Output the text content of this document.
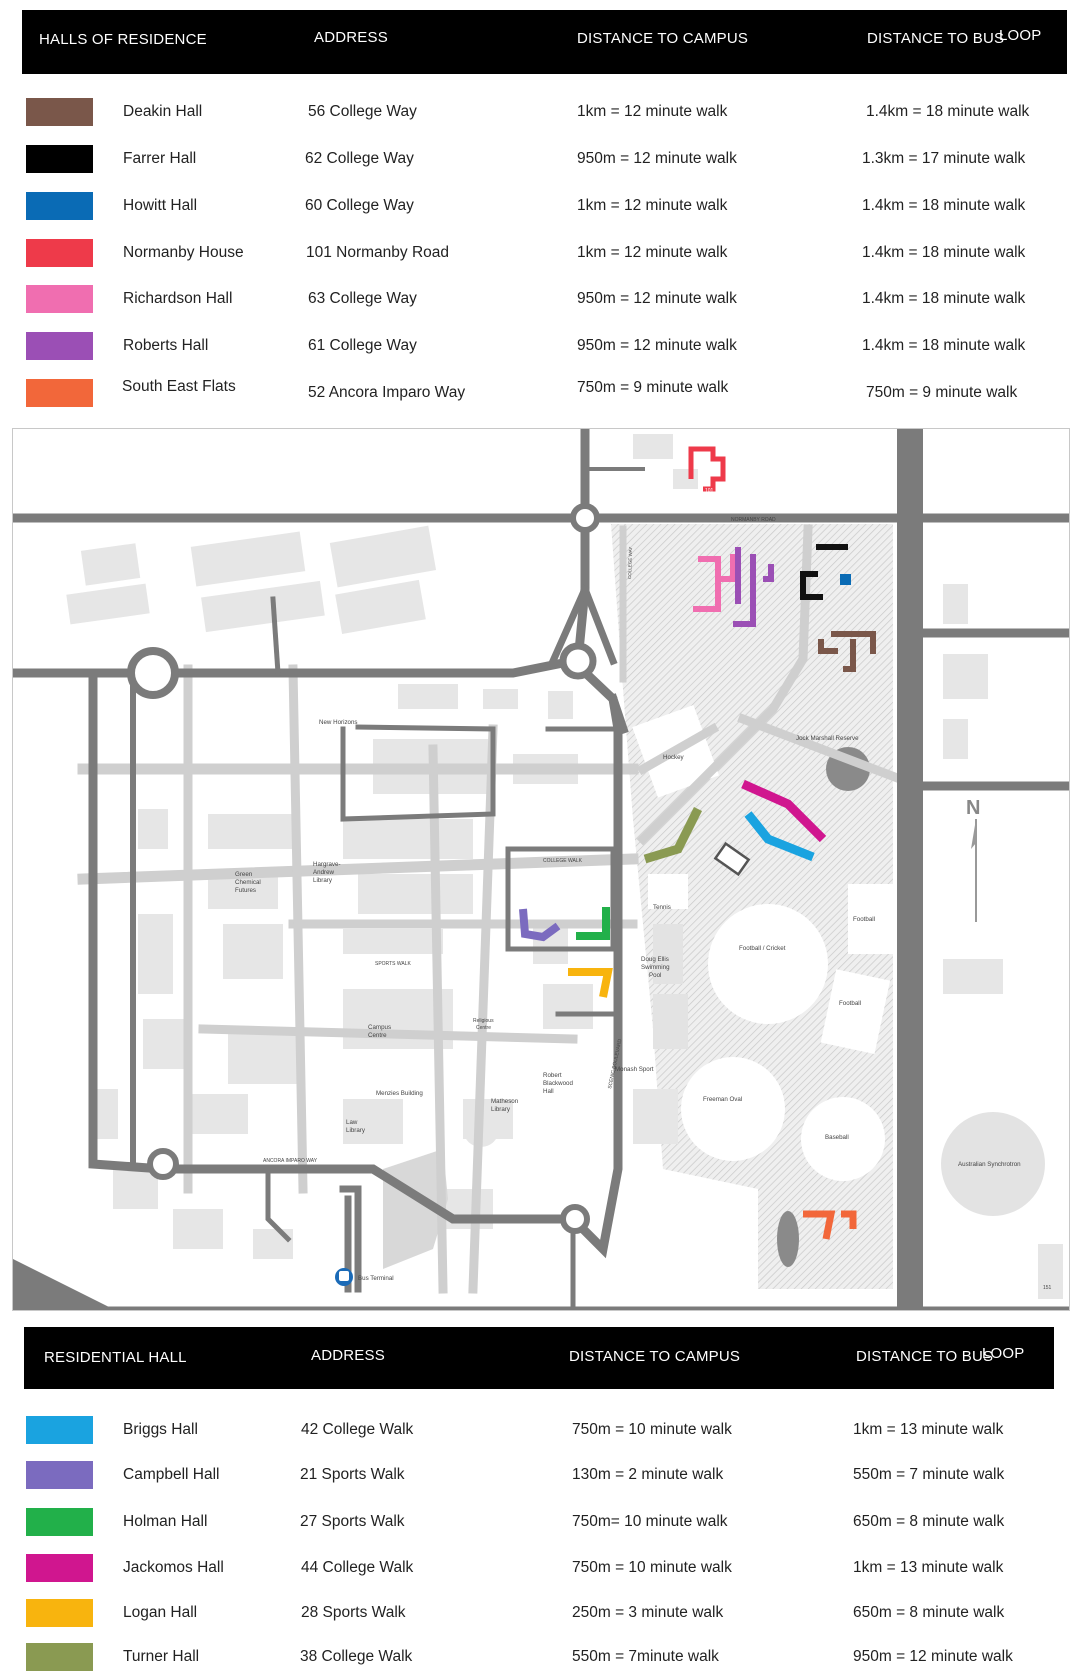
HALLS OF RESIDENCE	ADDRESS	DISTANCE TO CAMPUS	DISTANCE TO BUS
LOOP
Deakin Hall	56 College Way	1km = 12 minute walk	1.4km = 18 minute walk
Farrer Hall	62 College Way	950m = 12 minute walk	1.3km = 17 minute walk
Howitt Hall	60 College Way	1km = 12 minute walk	1.4km = 18 minute walk
Normanby House	101 Normanby Road	1km = 12 minute walk	1.4km = 18 minute walk
Richardson Hall	63 College Way	950m = 12 minute walk	1.4km = 18 minute walk
Roberts Hall	61 College Way	950m = 12 minute walk	1.4km = 18 minute walk
South East Flats	52 Ancora Imparo Way	750m = 9 minute walk	750m = 9 minute walk
N
101
NORMANBY ROAD
New Horizons
Hockey
Jock Marshall Reserve
COLLEGE WALK
Green
Chemical
Futures
Hargrave-
Andrew
Library
Tennis
Football
Football / Cricket
Football
SPORTS WALK
Doug Ellis
Swimming
Pool
Campus
Centre
Religious
Centre
Robert
Blackwood
Hall
Monash Sport
Menzies Building
Matheson
Library
Law
Library
Freeman Oval
Baseball
Australian Synchrotron
ANCORA IMPARO WAY
Bus Terminal
SCENIC BOULEVARD
COLLEGE WAY
151
RESIDENTIAL HALL	ADDRESS	DISTANCE TO CAMPUS	DISTANCE TO BUS
LOOP
Briggs Hall	42 College Walk	750m = 10 minute walk	1km = 13 minute walk
Campbell Hall	21 Sports Walk	130m = 2 minute walk	550m = 7 minute walk
Holman Hall	27 Sports Walk	750m= 10 minute walk	650m = 8 minute walk
Jackomos Hall	44 College Walk	750m = 10 minute walk	1km = 13 minute walk
Logan Hall	28 Sports Walk	250m = 3 minute walk	650m = 8 minute walk
Turner Hall	38 College Walk	550m = 7minute walk	950m = 12 minute walk
